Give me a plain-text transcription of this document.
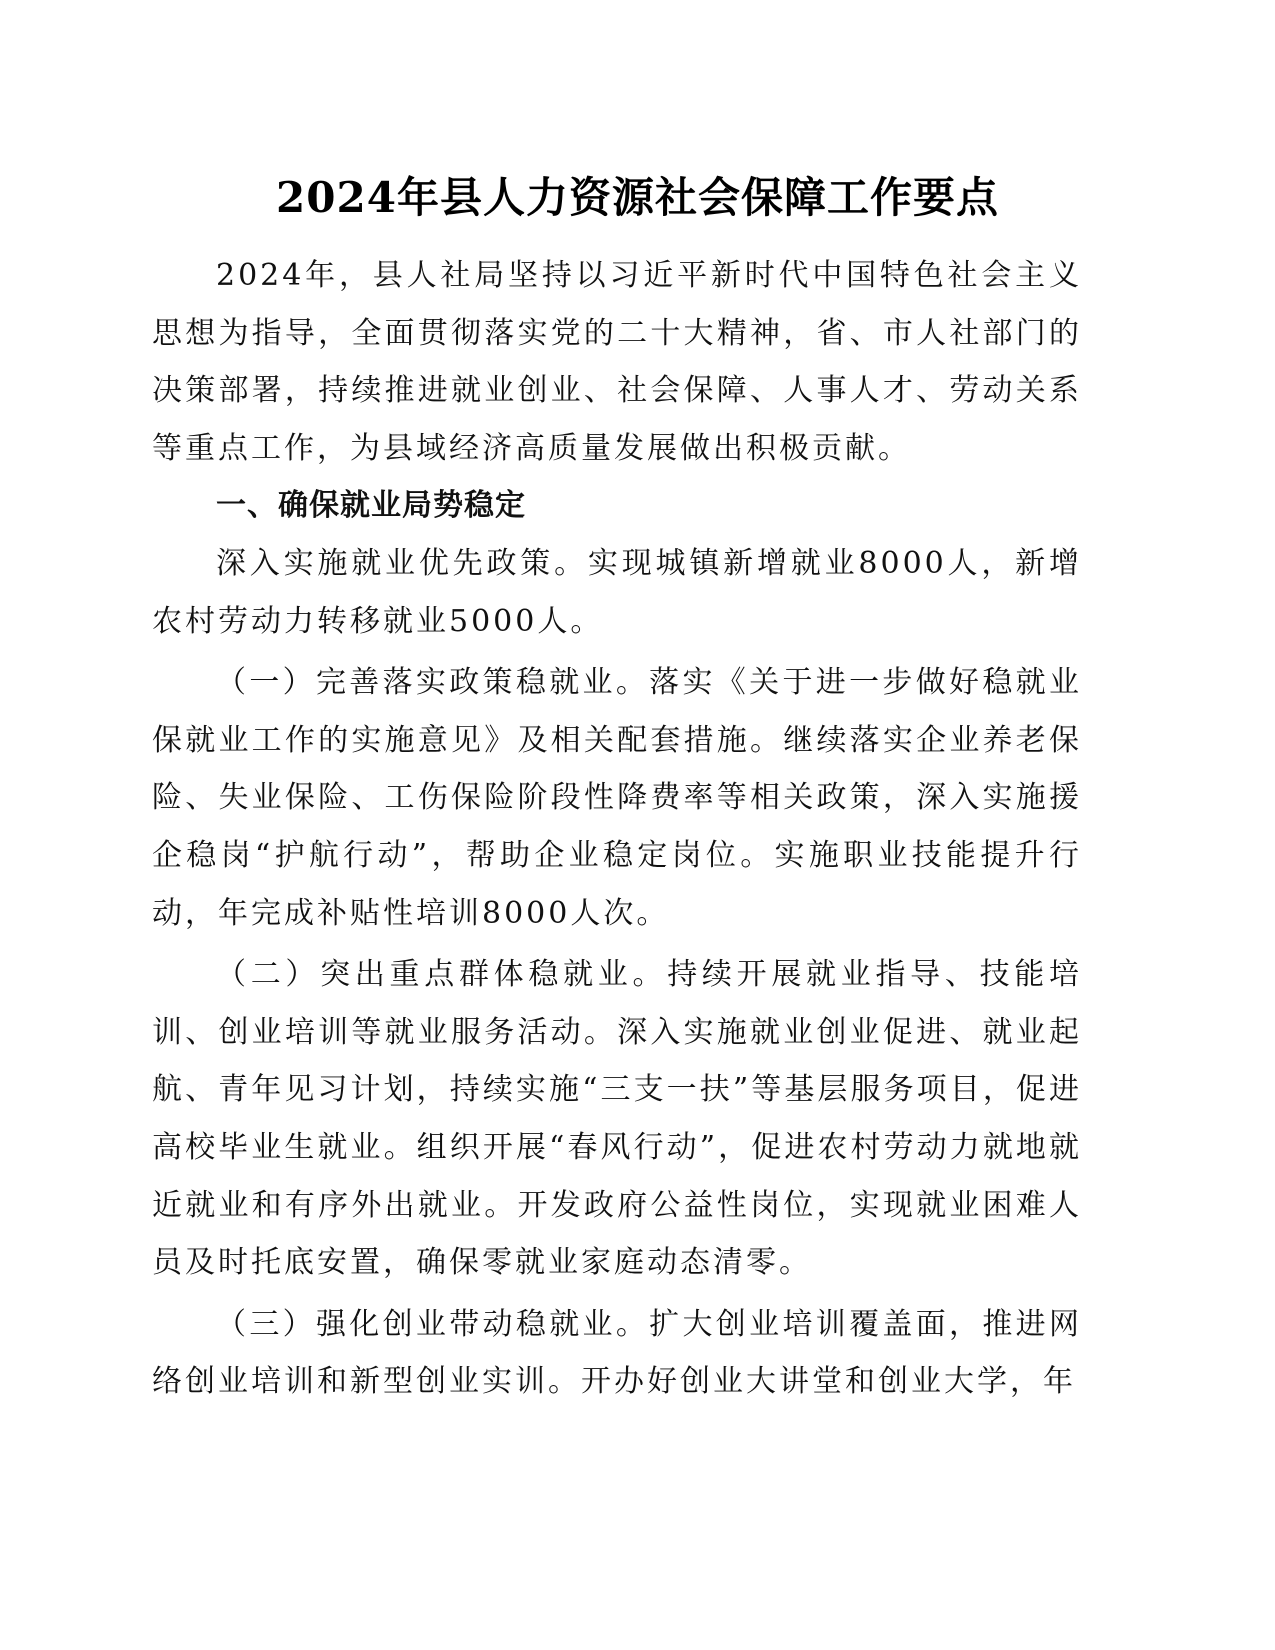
2024年县人力资源社会保障工作要点

2024年，县人社局坚持以习近平新时代中国特色社会主义思想为指导，全面贯彻落实党的二十大精神，省、市人社部门的决策部署，持续推进就业创业、社会保障、人事人才、劳动关系等重点工作，为县域经济高质量发展做出积极贡献。

一、确保就业局势稳定

深入实施就业优先政策。实现城镇新增就业8000人，新增农村劳动力转移就业5000人。

（一）完善落实政策稳就业。落实《关于进一步做好稳就业保就业工作的实施意见》及相关配套措施。继续落实企业养老保险、失业保险、工伤保险阶段性降费率等相关政策，深入实施援企稳岗“护航行动”，帮助企业稳定岗位。实施职业技能提升行动，年完成补贴性培训8000人次。

（二）突出重点群体稳就业。持续开展就业指导、技能培训、创业培训等就业服务活动。深入实施就业创业促进、就业起航、青年见习计划，持续实施“三支一扶”等基层服务项目，促进高校毕业生就业。组织开展“春风行动”，促进农村劳动力就地就近就业和有序外出就业。开发政府公益性岗位，实现就业困难人员及时托底安置，确保零就业家庭动态清零。

（三）强化创业带动稳就业。扩大创业培训覆盖面，推进网络创业培训和新型创业实训。开办好创业大讲堂和创业大学，年
